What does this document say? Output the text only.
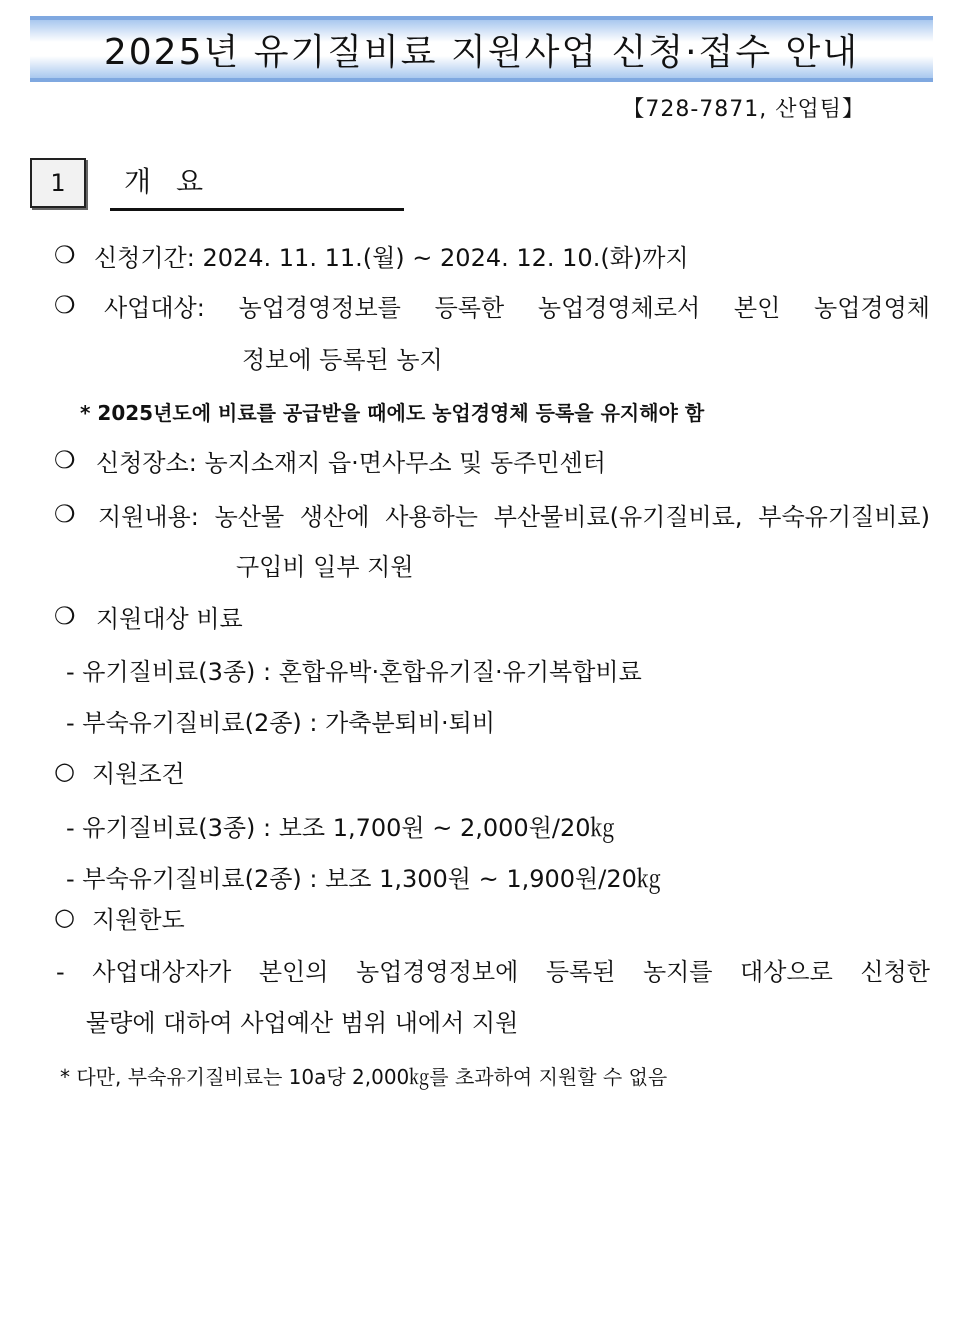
2025년 유기질비료 지원사업 신청·접수 안내
【728-7871, 산업팀】
1 개 요
❍ 신청기간: 2024. 11. 11.(월) ~ 2024. 12. 10.(화)까지
❍ 사업대상: 농업경영정보를 등록한 농업경영체로서 본인 농업경영체
정보에 등록된 농지
* 2025년도에 비료를 공급받을 때에도 농업경영체 등록을 유지해야 함
❍ 신청장소: 농지소재지 읍·면사무소 및 동주민센터
❍ 지원내용: 농산물 생산에 사용하는 부산물비료(유기질비료, 부숙유기질비료)
구입비 일부 지원
❍ 지원대상 비료
- 유기질비료(3종) : 혼합유박·혼합유기질·유기복합비료
- 부숙유기질비료(2종) : 가축분퇴비·퇴비
○ 지원조건
- 유기질비료(3종) : 보조 1,700원 ~ 2,000원/20㎏
- 부숙유기질비료(2종) : 보조 1,300원 ~ 1,900원/20㎏
○ 지원한도
- 사업대상자가 본인의 농업경영정보에 등록된 농지를 대상으로 신청한
물량에 대하여 사업예산 범위 내에서 지원
* 다만, 부숙유기질비료는 10a당 2,000㎏를 초과하여 지원할 수 없음
